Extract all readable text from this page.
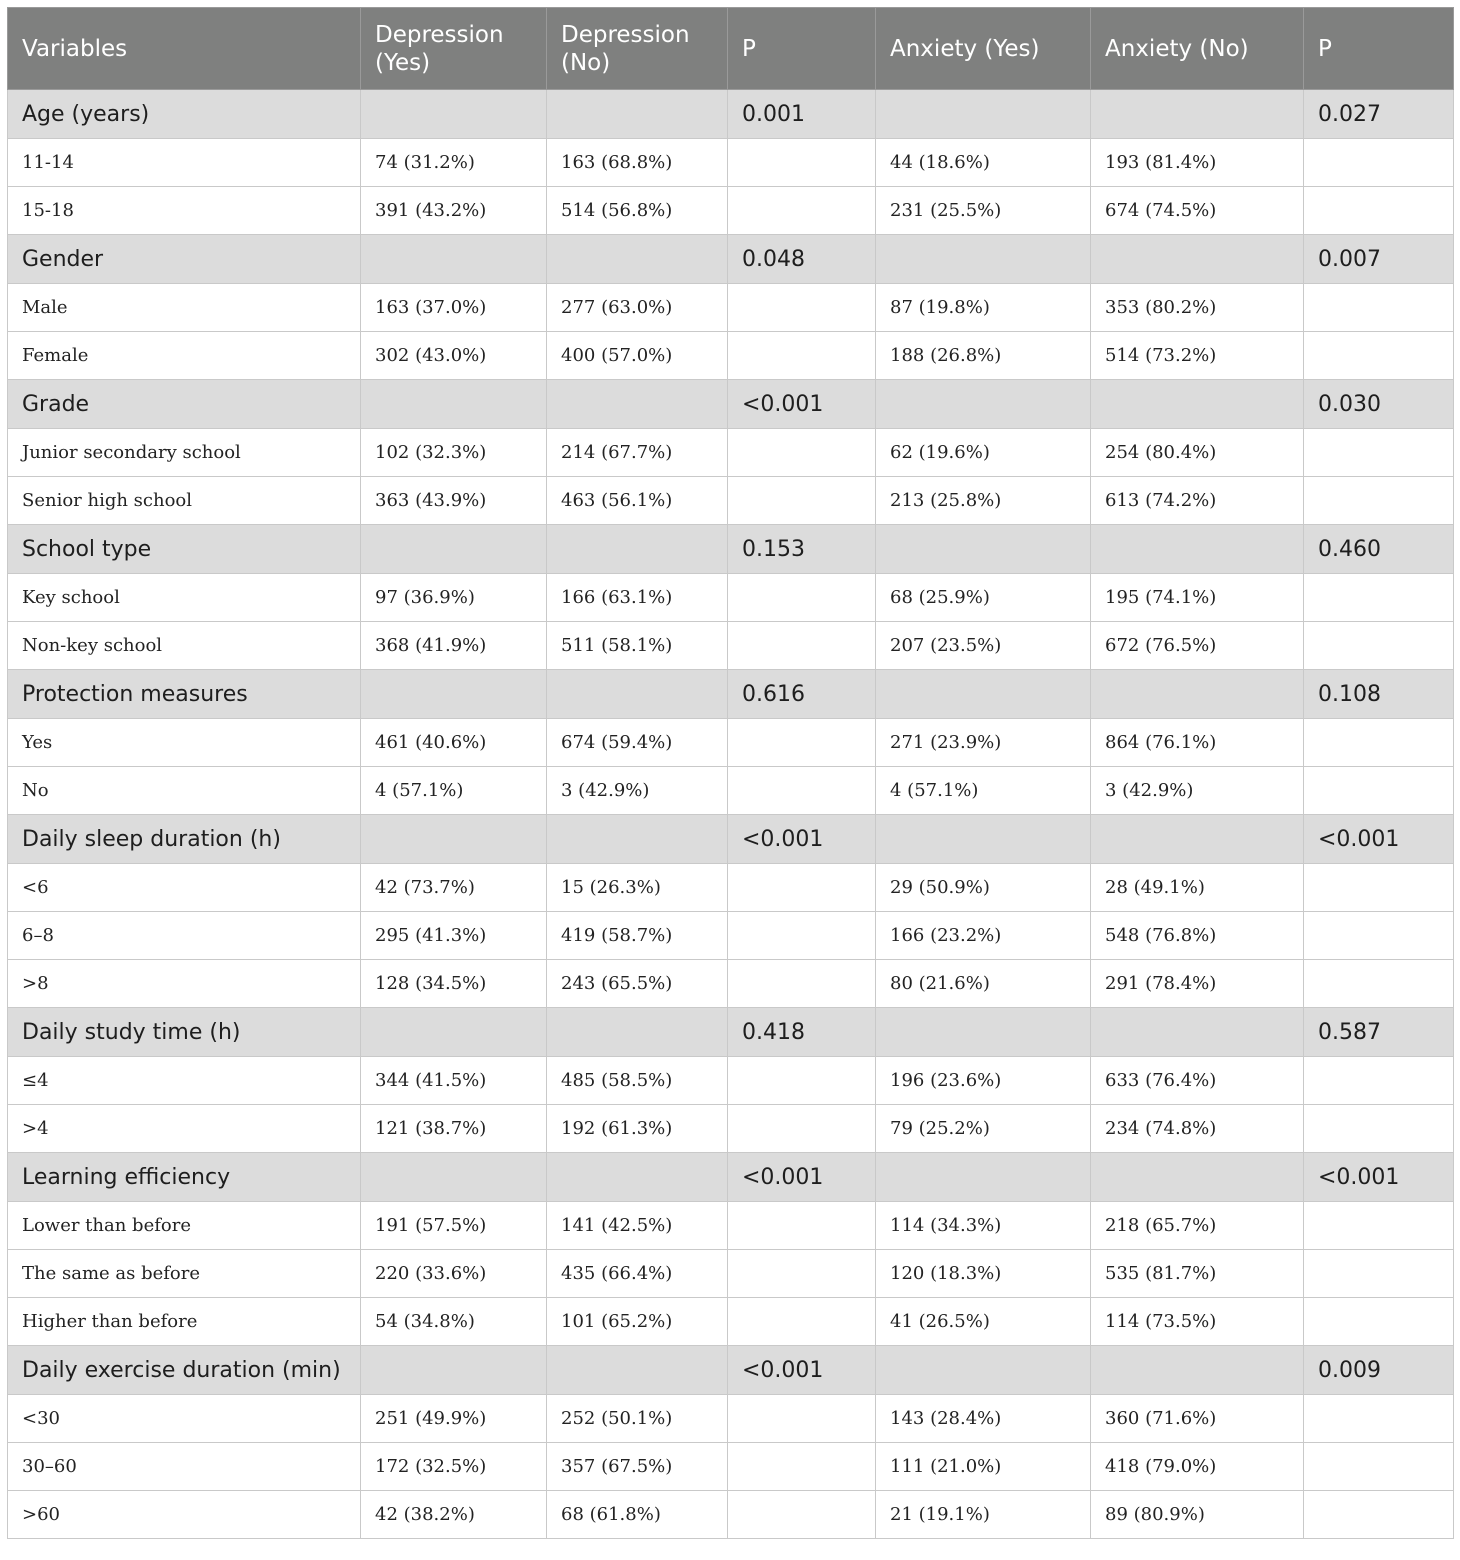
Variables	Depression (Yes)	Depression (No)	P	Anxiety (Yes)	Anxiety (No)	P
Age (years)			0.001			0.027
11-14	74 (31.2%)	163 (68.8%)		44 (18.6%)	193 (81.4%)	
15-18	391 (43.2%)	514 (56.8%)		231 (25.5%)	674 (74.5%)	
Gender			0.048			0.007
Male	163 (37.0%)	277 (63.0%)		87 (19.8%)	353 (80.2%)	
Female	302 (43.0%)	400 (57.0%)		188 (26.8%)	514 (73.2%)	
Grade			<0.001			0.030
Junior secondary school	102 (32.3%)	214 (67.7%)		62 (19.6%)	254 (80.4%)	
Senior high school	363 (43.9%)	463 (56.1%)		213 (25.8%)	613 (74.2%)	
School type			0.153			0.460
Key school	97 (36.9%)	166 (63.1%)		68 (25.9%)	195 (74.1%)	
Non-key school	368 (41.9%)	511 (58.1%)		207 (23.5%)	672 (76.5%)	
Protection measures			0.616			0.108
Yes	461 (40.6%)	674 (59.4%)		271 (23.9%)	864 (76.1%)	
No	4 (57.1%)	3 (42.9%)		4 (57.1%)	3 (42.9%)	
Daily sleep duration (h)			<0.001			<0.001
<6	42 (73.7%)	15 (26.3%)		29 (50.9%)	28 (49.1%)	
6–8	295 (41.3%)	419 (58.7%)		166 (23.2%)	548 (76.8%)	
>8	128 (34.5%)	243 (65.5%)		80 (21.6%)	291 (78.4%)	
Daily study time (h)			0.418			0.587
≤4	344 (41.5%)	485 (58.5%)		196 (23.6%)	633 (76.4%)	
>4	121 (38.7%)	192 (61.3%)		79 (25.2%)	234 (74.8%)	
Learning efficiency			<0.001			<0.001
Lower than before	191 (57.5%)	141 (42.5%)		114 (34.3%)	218 (65.7%)	
The same as before	220 (33.6%)	435 (66.4%)		120 (18.3%)	535 (81.7%)	
Higher than before	54 (34.8%)	101 (65.2%)		41 (26.5%)	114 (73.5%)	
Daily exercise duration (min)			<0.001			0.009
<30	251 (49.9%)	252 (50.1%)		143 (28.4%)	360 (71.6%)	
30–60	172 (32.5%)	357 (67.5%)		111 (21.0%)	418 (79.0%)	
>60	42 (38.2%)	68 (61.8%)		21 (19.1%)	89 (80.9%)	
